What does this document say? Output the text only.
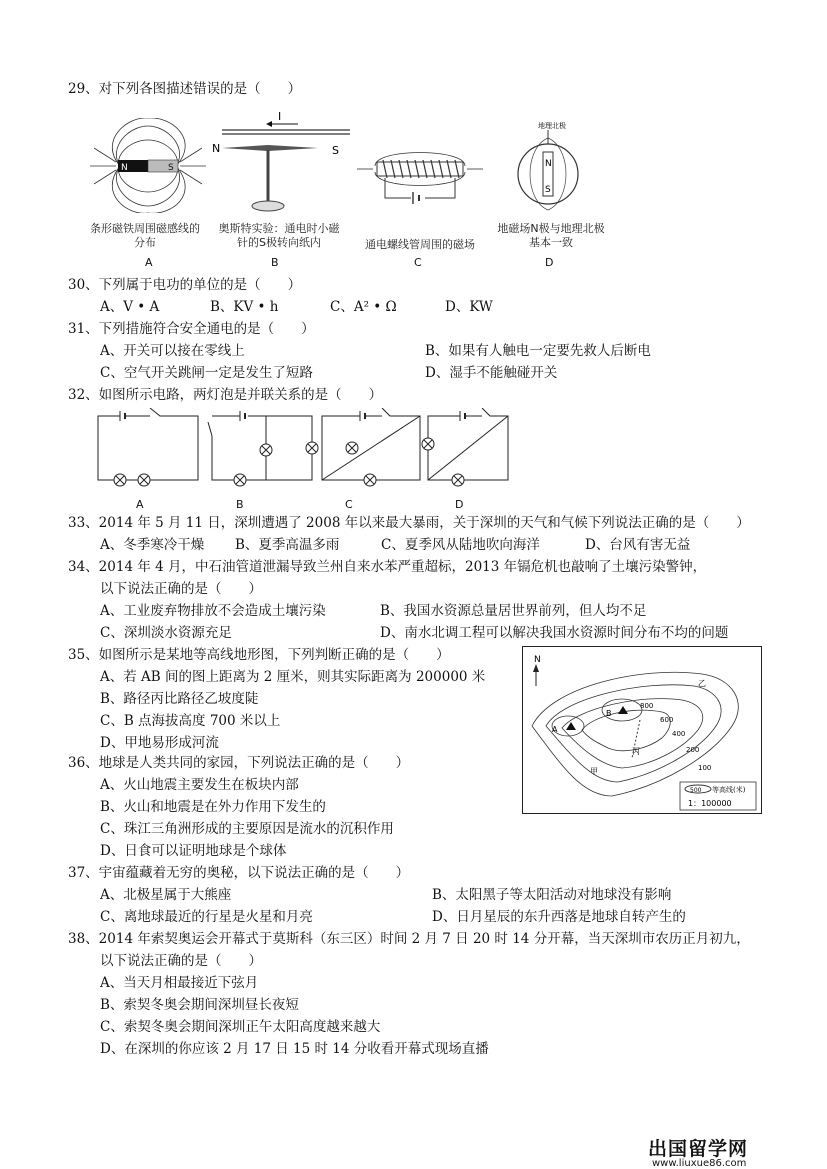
29、对下列各图描述错误的是（　　）
N	S
条形磁铁周围磁感线的分布
A
I
N	S
奥斯特实验：通电时小磁针的S极转向纸内
B
通电螺线管周围的磁场
C
地理北极
N
S
地磁场N极与地理北极基本一致
D
30、下列属于电功的单位的是（　　）
A、V • A	B、KV • h	C、A² • Ω	D、KW
31、下列措施符合安全通电的是（　　）
A、开关可以接在零线上	B、如果有人触电一定要先救人后断电
C、空气开关跳闸一定是发生了短路	D、湿手不能触碰开关
32、如图所示电路，两灯泡是并联关系的是（　　）
A	B	C	D
33、2014 年 5 月 11 日，深圳遭遇了 2008 年以来最大暴雨，关于深圳的天气和气候下列说法正确的是（　　）
A、冬季寒冷干燥 B、夏季高温多雨	C、夏季风从陆地吹向海洋	D、台风有害无益
34、2014 年 4 月，中石油管道泄漏导致兰州自来水苯严重超标，2013 年镉危机也敲响了土壤污染警钟，
以下说法正确的是（　　）
A、工业废弃物排放不会造成土壤污染	B、我国水资源总量居世界前列，但人均不足
C、深圳淡水资源充足	D、南水北调工程可以解决我国水资源时间分布不均的问题
35、如图所示是某地等高线地形图，下列判断正确的是（　　）
A、若 AB 间的图上距离为 2 厘米，则其实际距离为 200000 米
B、路径丙比路径乙坡度陡
C、B 点海拔高度 700 米以上
D、甲地易形成河流
N
A
B
丙
甲
乙
800
600
400
200
100
500 等高线(米)
1：100000
36、地球是人类共同的家园，下列说法正确的是（　　）
A、火山地震主要发生在板块内部
B、火山和地震是在外力作用下发生的
C、珠江三角洲形成的主要原因是流水的沉积作用
D、日食可以证明地球是个球体
37、宇宙蕴藏着无穷的奥秘，以下说法正确的是（　　）
A、北极星属于大熊座	B、太阳黑子等太阳活动对地球没有影响
C、离地球最近的行星是火星和月亮	D、日月星辰的东升西落是地球自转产生的
38、2014 年索契奥运会开幕式于莫斯科（东三区）时间 2 月 7 日 20 时 14 分开幕，当天深圳市农历正月初九，
以下说法正确的是（　　）
A、当天月相最接近下弦月
B、索契冬奥会期间深圳昼长夜短
C、索契冬奥会期间深圳正午太阳高度越来越大
D、在深圳的你应该 2 月 17 日 15 时 14 分收看开幕式现场直播
出国留学网
www.liuxue86.com
